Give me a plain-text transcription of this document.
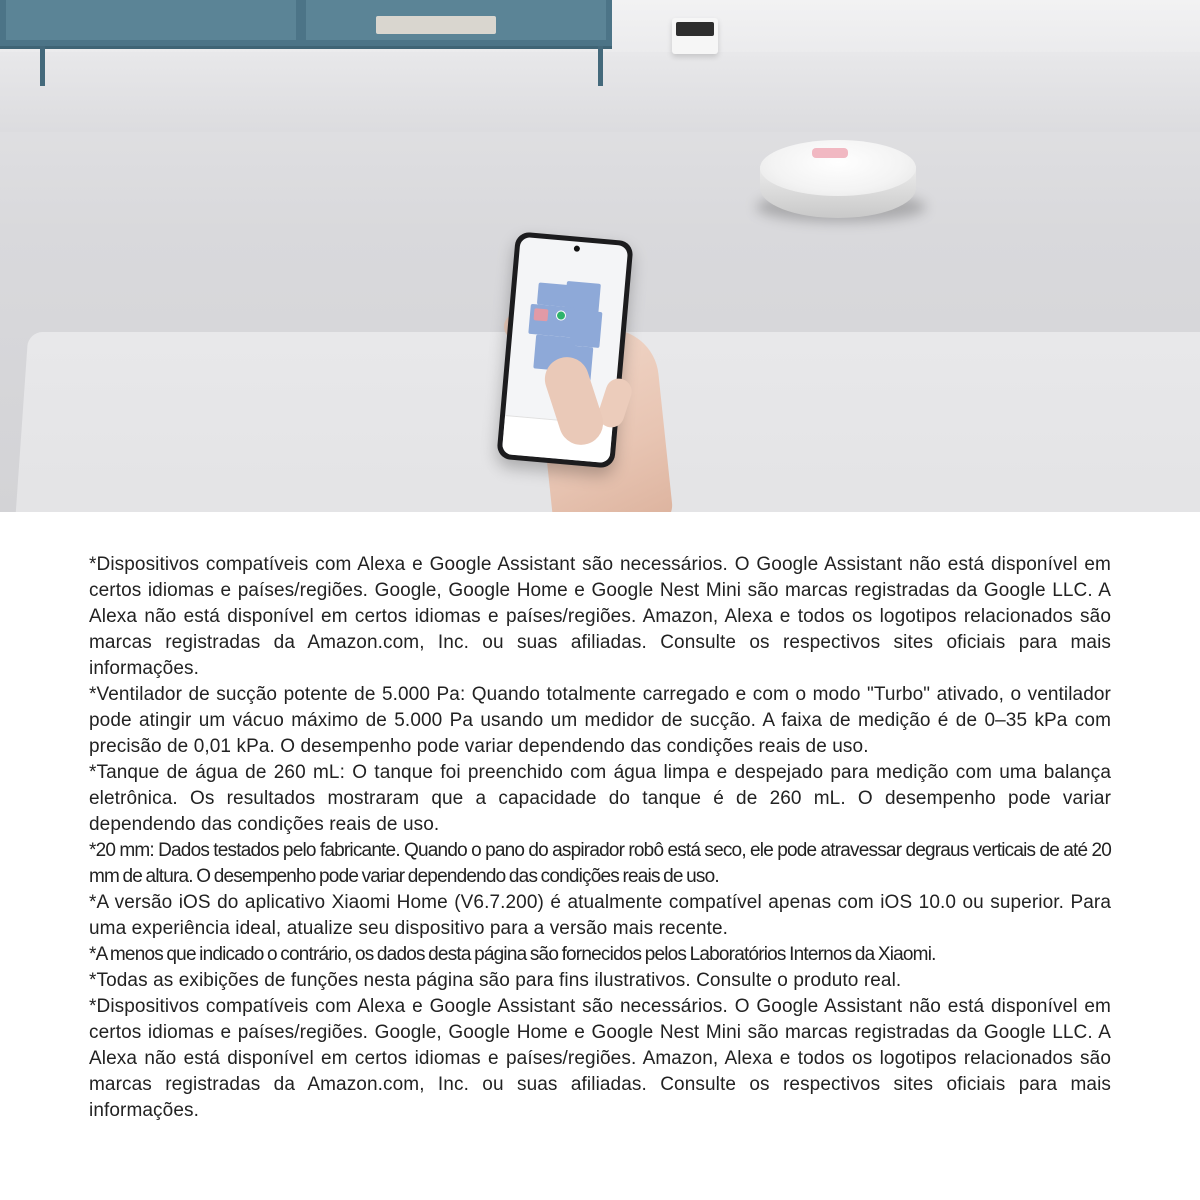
*Dispositivos compatíveis com Alexa e Google Assistant são necessários. O Google Assistant não está disponível em certos idiomas e países/regiões. Google, Google Home e Google Nest Mini são marcas registradas da Google LLC. A Alexa não está disponível em certos idiomas e países/regiões. Amazon, Alexa e todos os logotipos relacionados são marcas registradas da Amazon.com, Inc. ou suas afiliadas. Consulte os respectivos sites oficiais para mais informações.

*Ventilador de sucção potente de 5.000 Pa: Quando totalmente carregado e com o modo "Turbo" ativado, o ventilador pode atingir um vácuo máximo de 5.000 Pa usando um medidor de sucção. A faixa de medição é de 0–35 kPa com precisão de 0,01 kPa. O desempenho pode variar dependendo das condições reais de uso.

*Tanque de água de 260 mL: O tanque foi preenchido com água limpa e despejado para medição com uma balança eletrônica. Os resultados mostraram que a capacidade do tanque é de 260 mL. O desempenho pode variar dependendo das condições reais de uso.

*20 mm: Dados testados pelo fabricante. Quando o pano do aspirador robô está seco, ele pode atravessar degraus verticais de até 20 mm de altura. O desempenho pode variar dependendo das condições reais de uso.

*A versão iOS do aplicativo Xiaomi Home (V6.7.200) é atualmente compatível apenas com iOS 10.0 ou superior. Para uma experiência ideal, atualize seu dispositivo para a versão mais recente.

*A menos que indicado o contrário, os dados desta página são fornecidos pelos Laboratórios Internos da Xiaomi.

*Todas as exibições de funções nesta página são para fins ilustrativos. Consulte o produto real.

*Dispositivos compatíveis com Alexa e Google Assistant são necessários. O Google Assistant não está disponível em certos idiomas e países/regiões. Google, Google Home e Google Nest Mini são marcas registradas da Google LLC. A Alexa não está disponível em certos idiomas e países/regiões. Amazon, Alexa e todos os logotipos relacionados são marcas registradas da Amazon.com, Inc. ou suas afiliadas. Consulte os respectivos sites oficiais para mais informações.
